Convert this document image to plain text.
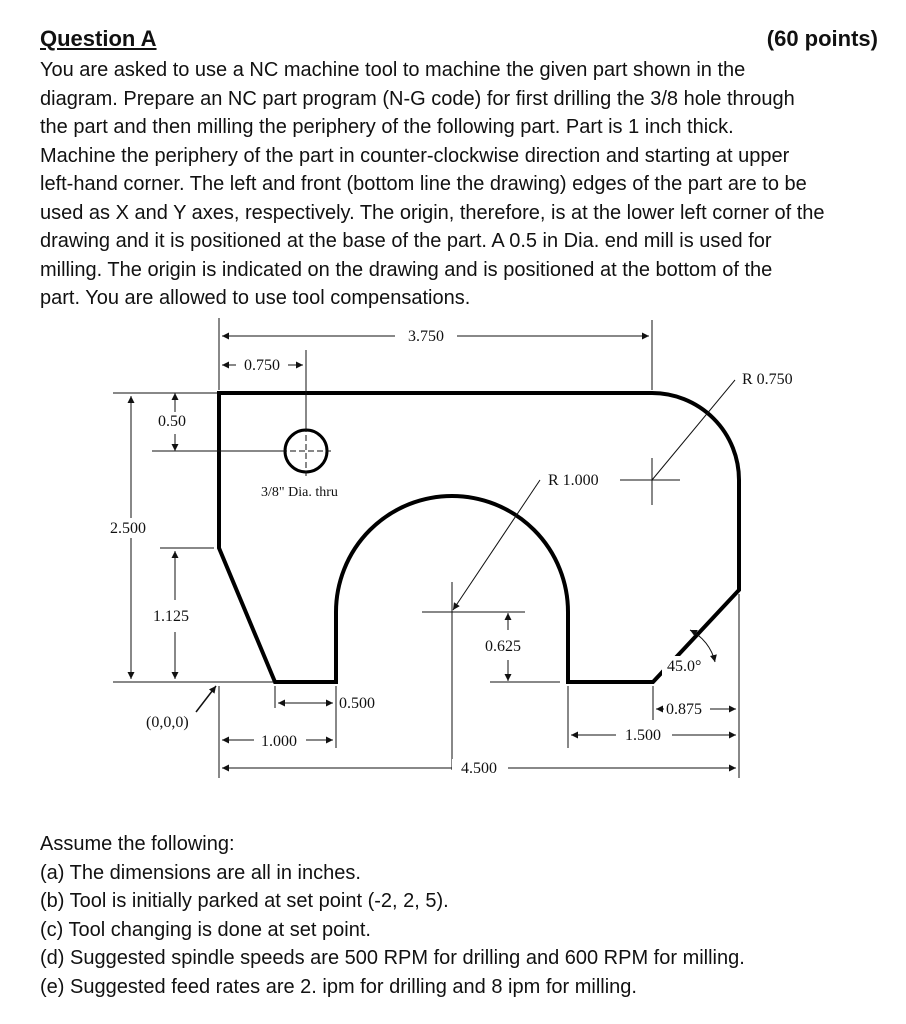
Question A	(60 points)
You are asked to use a NC machine tool to machine the given part shown in the
diagram. Prepare an NC part program (N-G code) for first drilling the 3/8 hole through
the part and then milling the periphery of the following part. Part is 1 inch thick.
Machine the periphery of the part in counter-clockwise direction and starting at upper
left-hand corner. The left and front (bottom line the drawing) edges of the part are to be
used as X and Y axes, respectively. The origin, therefore, is at the lower left corner of the
drawing and it is positioned at the base of the part. A 0.5 in Dia. end mill is used for
milling. The origin is indicated on the drawing and is positioned at the bottom of the
part. You are allowed to use tool compensations.
3.750
0.750
R 0.750
0.50
3/8" Dia. thru
R 1.000
2.500
1.125
0.625
45.0°
0.500
(0,0,0)
0.875
1.000	1.500
4.500
Assume the following:
(a) The dimensions are all in inches.
(b) Tool is initially parked at set point (-2, 2, 5).
(c) Tool changing is done at set point.
(d) Suggested spindle speeds are 500 RPM for drilling and 600 RPM for milling.
(e) Suggested feed rates are 2. ipm for drilling and 8 ipm for milling.
